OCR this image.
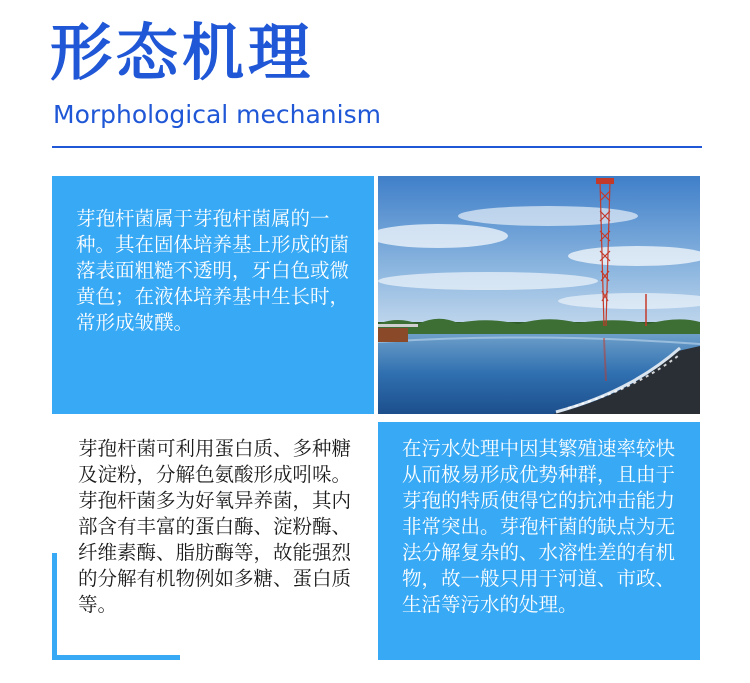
形态机理
Morphological mechanism
芽孢杆菌属于芽孢杆菌属的一种。其在固体培养基上形成的菌落表面粗糙不透明，牙白色或微黄色；在液体培养基中生长时，常形成皱醭。
芽孢杆菌可利用蛋白质、多种糖及淀粉，分解色氨酸形成吲哚。芽孢杆菌多为好氧异养菌，其内部含有丰富的蛋白酶、淀粉酶、纤维素酶、脂肪酶等，故能强烈的分解有机物例如多糖、蛋白质等。
在污水处理中因其繁殖速率较快从而极易形成优势种群，且由于芽孢的特质使得它的抗冲击能力非常突出。芽孢杆菌的缺点为无法分解复杂的、水溶性差的有机物，故一般只用于河道、市政、生活等污水的处理。
